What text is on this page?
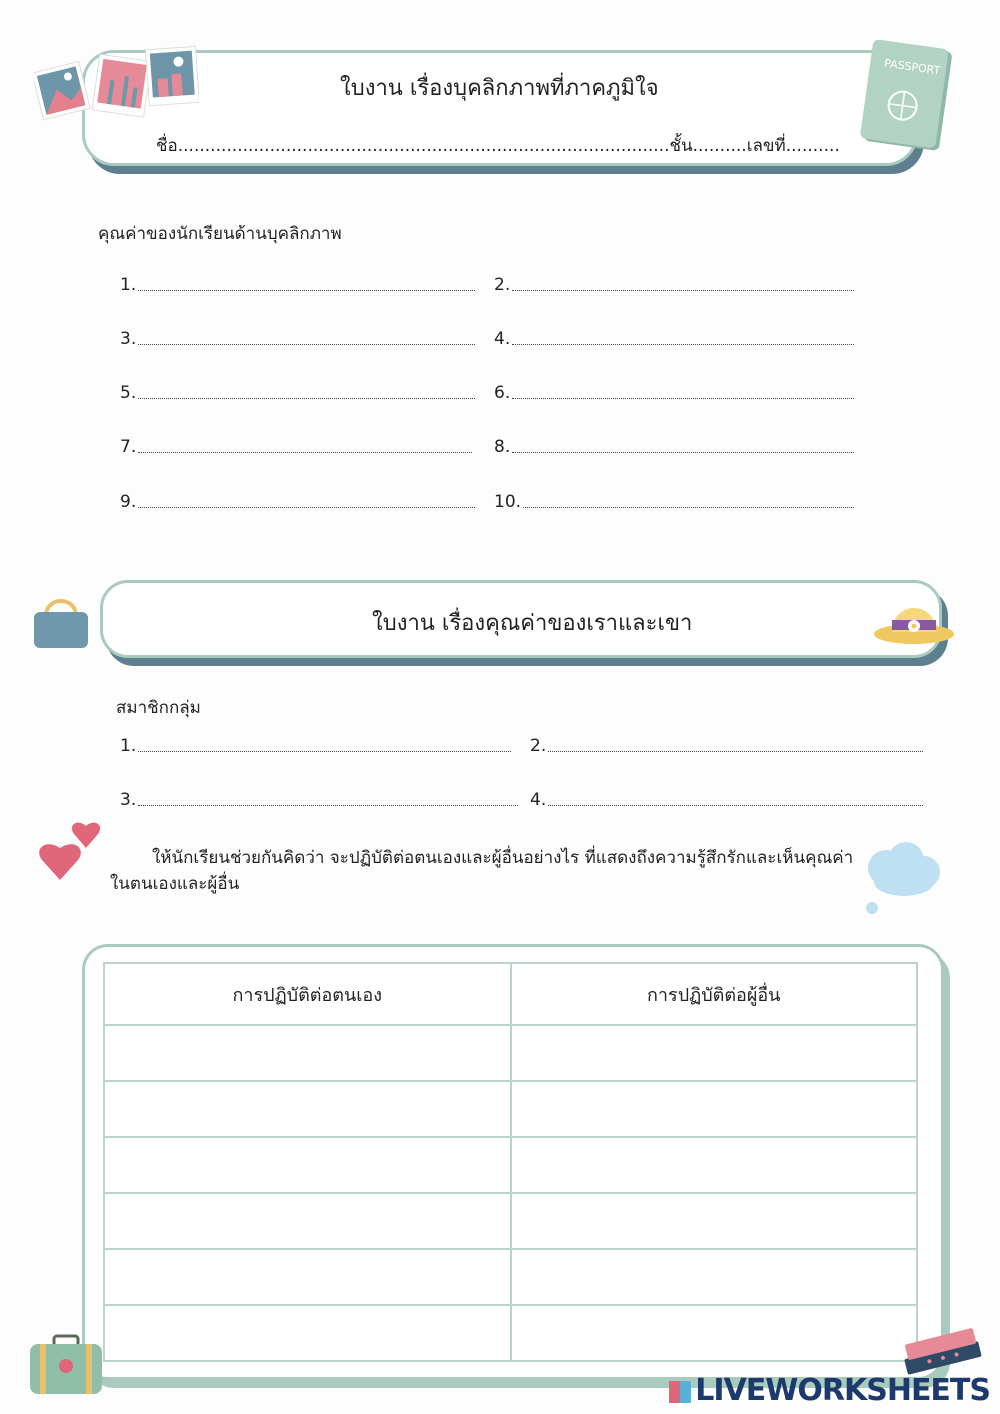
ใบงาน เรื่องบุคลิกภาพที่ภาคภูมิใจ
ชื่อ...........................................................................................ชั้น..........เลขที่..........
PASSPORT
คุณค่าของนักเรียนด้านบุคลิกภาพ
1.	2.
3.	4.
5.	6.
7.	8.
9.	10.
ใบงาน เรื่องคุณค่าของเราและเขา
สมาชิกกลุ่ม
1.	2.
3.	4.
ให้นักเรียนช่วยกันคิดว่า จะปฏิบัติต่อตนเองและผู้อื่นอย่างไร ที่แสดงถึงความรู้สึกรักและเห็นคุณค่าในตนเองและผู้อื่น
การปฏิบัติต่อตนเอง	การปฏิบัติต่อผู้อื่น

LIVEWORKSHEETS
